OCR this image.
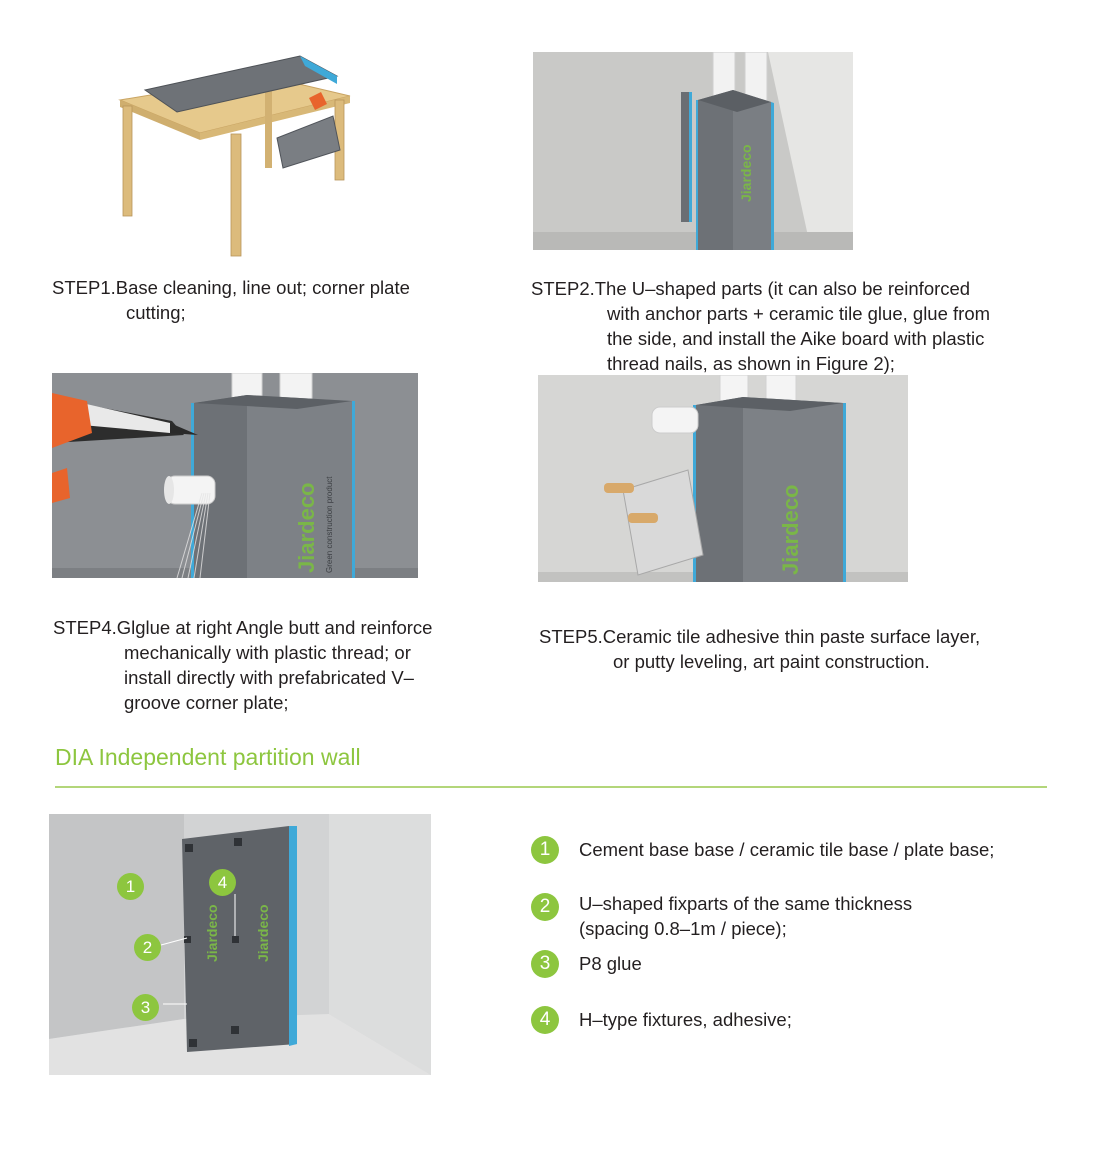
Jiardeco
STEP1.Base cleaning, line out; corner plate
cutting;
STEP2.The U–shaped parts (it can also be reinforced
with anchor parts + ceramic tile glue, glue from
the side, and install the Aike board with plastic
thread nails, as shown in Figure 2);
Jiardeco Green construction product	Jiardeco
STEP4.Glglue at right Angle butt and reinforce
mechanically with plastic thread; or
install directly with prefabricated V–
groove corner plate;
STEP5.Ceramic tile adhesive thin paste surface layer,
or putty leveling, art paint construction.
DIA Independent partition wall
Jiardeco	Jiardeco
1
2
3
4
1	Cement base base / ceramic tile base / plate base;
2	U–shaped fixparts of the same thickness
(spacing 0.8–1m / piece);
3	P8 glue
4	H–type fixtures, adhesive;
